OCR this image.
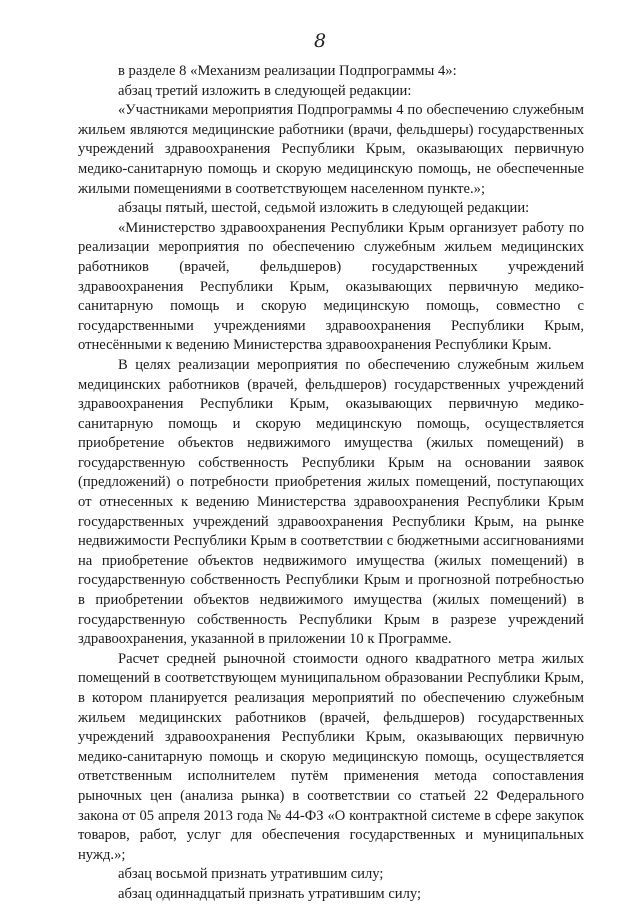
8

в разделе 8 «Механизм реализации Подпрограммы 4»:

абзац третий изложить в следующей редакции:

«Участниками мероприятия Подпрограммы 4 по обеспечению служебным жильем являются медицинские работники (врачи, фельдшеры) государственных учреждений здравоохранения Республики Крым, оказывающих первичную медико-санитарную помощь и скорую медицинскую помощь, не обеспеченные жилыми помещениями в соответствующем населенном пункте.»;

абзацы пятый, шестой, седьмой изложить в следующей редакции:

«Министерство здравоохранения Республики Крым организует работу по реализации мероприятия по обеспечению служебным жильем медицинских работников (врачей, фельдшеров) государственных учреждений здравоохранения Республики Крым, оказывающих первичную медико-санитарную помощь и скорую медицинскую помощь, совместно с государственными учреждениями здравоохранения Республики Крым, отнесёнными к ведению Министерства здравоохранения Республики Крым.

В целях реализации мероприятия по обеспечению служебным жильем медицинских работников (врачей, фельдшеров) государственных учреждений здравоохранения Республики Крым, оказывающих первичную медико-санитарную помощь и скорую медицинскую помощь, осуществляется приобретение объектов недвижимого имущества (жилых помещений) в государственную собственность Республики Крым на основании заявок (предложений) о потребности приобретения жилых помещений, поступающих от отнесенных к ведению Министерства здравоохранения Республики Крым государственных учреждений здравоохранения Республики Крым, на рынке недвижимости Республики Крым в соответствии с бюджетными ассигнованиями на приобретение объектов недвижимого имущества (жилых помещений) в государственную собственность Республики Крым и прогнозной потребностью в приобретении объектов недвижимого имущества (жилых помещений) в государственную собственность Республики Крым в разрезе учреждений здравоохранения, указанной в приложении 10 к Программе.

Расчет средней рыночной стоимости одного квадратного метра жилых помещений в соответствующем муниципальном образовании Республики Крым, в котором планируется реализация мероприятий по обеспечению служебным жильем медицинских работников (врачей, фельдшеров) государственных учреждений здравоохранения Республики Крым, оказывающих первичную медико-санитарную помощь и скорую медицинскую помощь, осуществляется ответственным исполнителем путём применения метода сопоставления рыночных цен (анализа рынка) в соответствии со статьей 22 Федерального закона от 05 апреля 2013 года № 44-ФЗ «О контрактной системе в сфере закупок товаров, работ, услуг для обеспечения государственных и муниципальных нужд.»;

абзац восьмой признать утратившим силу;

абзац одиннадцатый признать утратившим силу;
